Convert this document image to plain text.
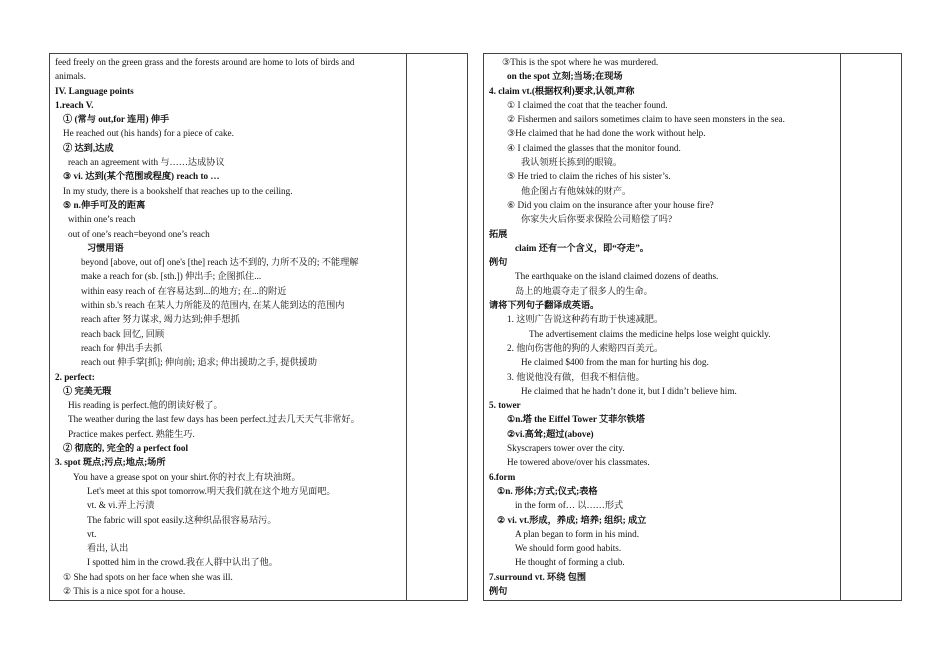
feed freely on the green grass and the forests around are home to lots of birds and
animals.
IV. Language points
1.reach V.
① (常与 out,for 连用) 伸手
He reached out (his hands) for a piece of cake.
② 达到,达成
reach an agreement with 与……达成协议
③ vi. 达到(某个范围或程度) reach to …
In my study, there is a bookshelf that reaches up to the ceiling.
⑤ n.伸手可及的距离
within one’s reach
out of one’s reach=beyond one’s reach
习惯用语
beyond [above, out of] one's [the] reach 达不到的, 力所不及的; 不能理解
make a reach for (sb. [sth.]) 伸出手; 企图抓住...
within easy reach of 在容易达到...的地方; 在...的附近
within sb.'s reach 在某人力所能及的范围内, 在某人能到达的范围内
reach after 努力谋求, 竭力达到;伸手想抓
reach back 回忆, 回顾
reach for 伸出手去抓
reach out 伸手掌[抓]; 伸向前; 追求; 伸出援助之手, 提供援助
2. perfect:
① 完美无瑕
His reading is perfect.他的朗读好极了。
The weather during the last few days has been perfect.过去几天天气非常好。
Practice makes perfect. 熟能生巧.
② 彻底的, 完全的 a perfect fool
3. spot 斑点;污点;地点;场所
You have a grease spot on your shirt.你的衬衣上有块油斑。
Let's meet at this spot tomorrow.明天我们就在这个地方见面吧。
vt. & vi.弄上污渍
The fabric will spot easily.这种织品很容易玷污。
vt.
看出, 认出
I spotted him in the crowd.我在人群中认出了他。
① She had spots on her face when she was ill.
② This is a nice spot for a house.
③This is the spot where he was murdered.
on the spot 立刻;当场;在现场
4. claim vt.(根据权利)要求,认领,声称
① I claimed the coat that the teacher found.
② Fishermen and sailors sometimes claim to have seen monsters in the sea.
③He claimed that he had done the work without help.
④ I claimed the glasses that the monitor found.
我认领班长拣到的眼镜。
⑤ He tried to claim the riches of his sister’s.
他企图占有他妹妹的财产。
⑥ Did you claim on the insurance after your house fire?
你家失火后你要求保险公司赔偿了吗?
拓展
claim 还有一个含义，即“夺走”。
例句
The earthquake on the island claimed dozens of deaths.
岛上的地震夺走了很多人的生命。
请将下列句子翻译成英语。
1. 这则广告说这种药有助于快速减肥。
The advertisement claims the medicine helps lose weight quickly.
2. 他向伤害他的狗的人索赔四百美元。
He claimed $400 from the man for hurting his dog.
3. 他说他没有做，但我不相信他。
He claimed that he hadn’t done it, but I didn’t believe him.
5. tower
①n.塔 the Eiffel Tower 艾菲尔铁塔
②vi.高耸;超过(above)
Skyscrapers tower over the city.
He towered above/over his classmates.
6.form
①n. 形体;方式;仪式;表格
in the form of… 以……形式
② vi. vt.形成，养成; 培养; 组织; 成立
A plan began to form in his mind.
We should form good habits.
He thought of forming a club.
7.surround vt. 环绕 包围
例句
